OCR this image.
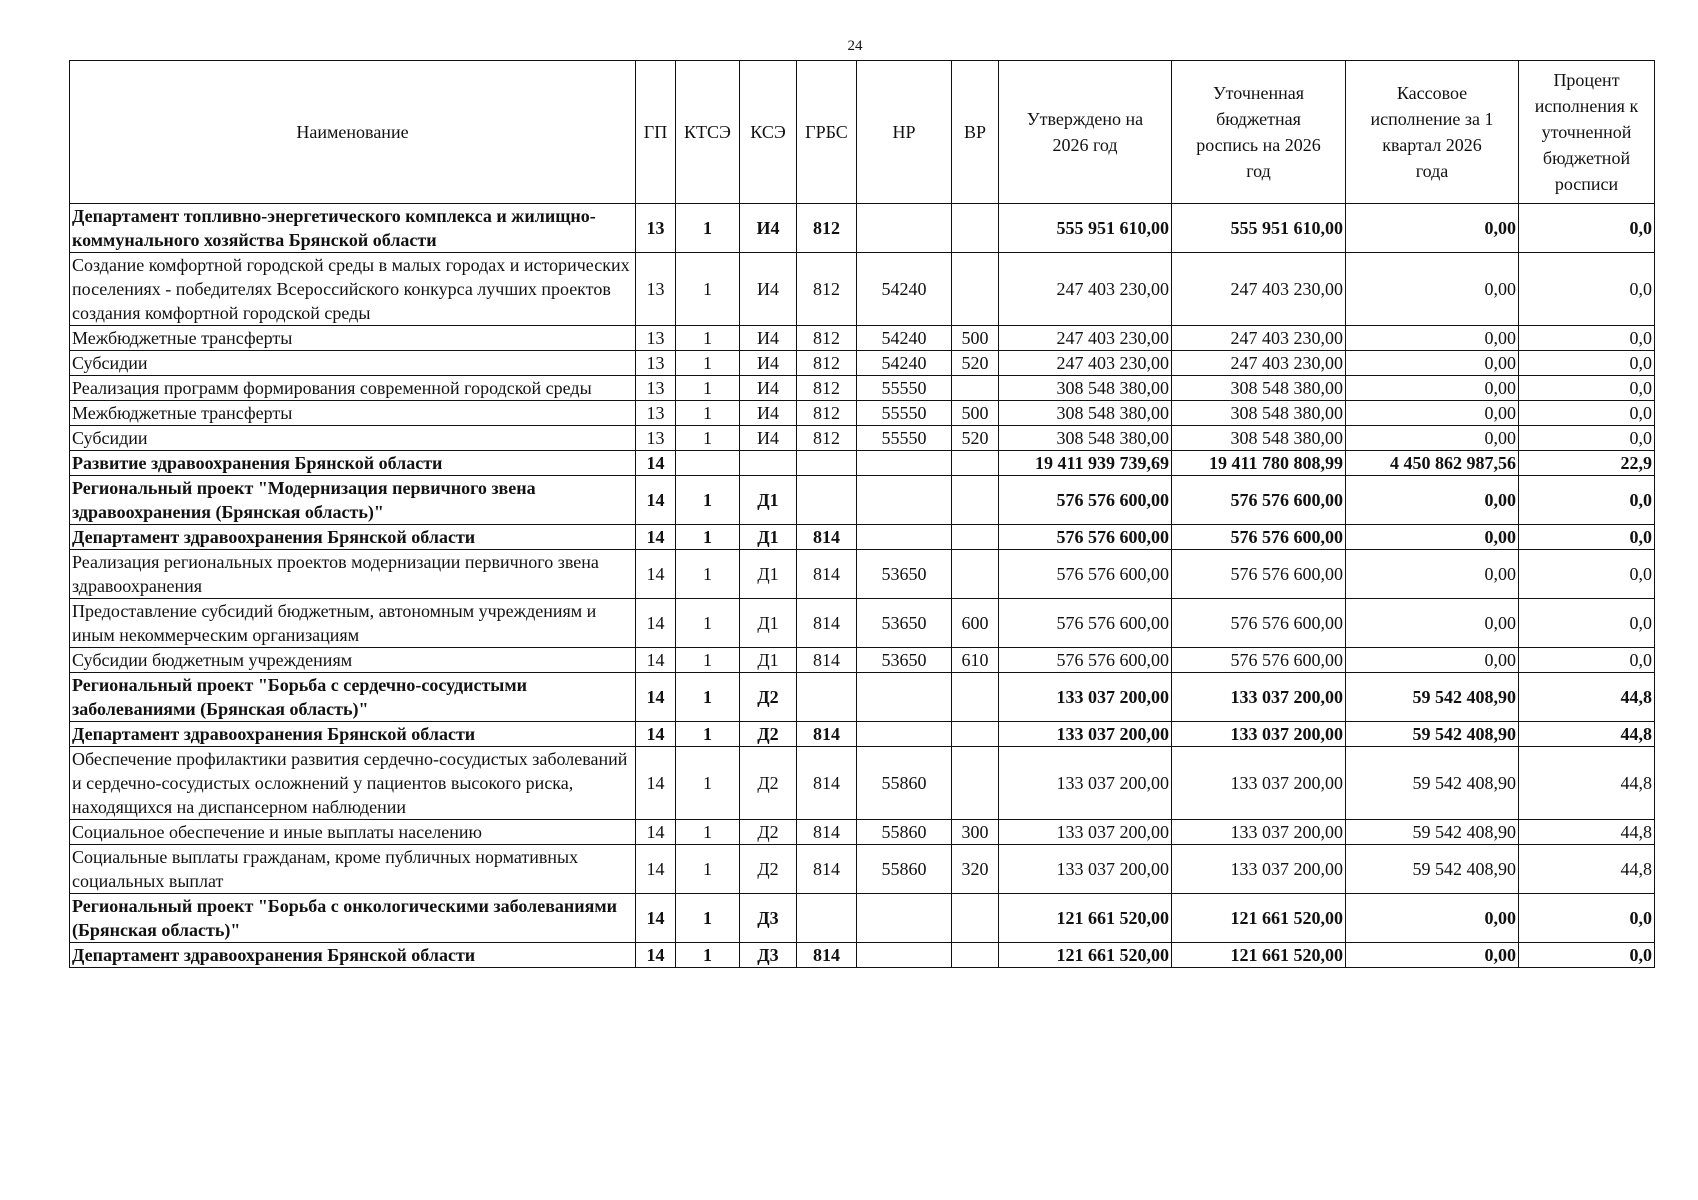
24
Наименование	ГП	КТСЭ	КСЭ	ГРБС	НР	ВР	Утверждено на 2026 год	Уточненная бюджетная роспись на 2026 год	Кассовое исполнение за 1 квартал 2026 года	Процент исполнения к уточненной бюджетной росписи
Департамент топливно-энергетического комплекса и жилищно-коммунального хозяйства Брянской области	13	1	И4	812			555 951 610,00	555 951 610,00	0,00	0,0
Создание комфортной городской среды в малых городах и исторических поселениях - победителях Всероссийского конкурса лучших проектов создания комфортной городской среды	13	1	И4	812	54240		247 403 230,00	247 403 230,00	0,00	0,0
Межбюджетные трансферты	13	1	И4	812	54240	500	247 403 230,00	247 403 230,00	0,00	0,0
Субсидии	13	1	И4	812	54240	520	247 403 230,00	247 403 230,00	0,00	0,0
Реализация программ формирования современной городской среды	13	1	И4	812	55550		308 548 380,00	308 548 380,00	0,00	0,0
Межбюджетные трансферты	13	1	И4	812	55550	500	308 548 380,00	308 548 380,00	0,00	0,0
Субсидии	13	1	И4	812	55550	520	308 548 380,00	308 548 380,00	0,00	0,0
Развитие здравоохранения Брянской области	14						19 411 939 739,69	19 411 780 808,99	4 450 862 987,56	22,9
Региональный проект "Модернизация первичного звена здравоохранения (Брянская область)"	14	1	Д1				576 576 600,00	576 576 600,00	0,00	0,0
Департамент здравоохранения Брянской области	14	1	Д1	814			576 576 600,00	576 576 600,00	0,00	0,0
Реализация региональных проектов модернизации первичного звена здравоохранения	14	1	Д1	814	53650		576 576 600,00	576 576 600,00	0,00	0,0
Предоставление субсидий бюджетным, автономным учреждениям и иным некоммерческим организациям	14	1	Д1	814	53650	600	576 576 600,00	576 576 600,00	0,00	0,0
Субсидии бюджетным учреждениям	14	1	Д1	814	53650	610	576 576 600,00	576 576 600,00	0,00	0,0
Региональный проект "Борьба с сердечно-сосудистыми заболеваниями (Брянская область)"	14	1	Д2				133 037 200,00	133 037 200,00	59 542 408,90	44,8
Департамент здравоохранения Брянской области	14	1	Д2	814			133 037 200,00	133 037 200,00	59 542 408,90	44,8
Обеспечение профилактики развития сердечно-сосудистых заболеваний и сердечно-сосудистых осложнений у пациентов высокого риска, находящихся на диспансерном наблюдении	14	1	Д2	814	55860		133 037 200,00	133 037 200,00	59 542 408,90	44,8
Социальное обеспечение и иные выплаты населению	14	1	Д2	814	55860	300	133 037 200,00	133 037 200,00	59 542 408,90	44,8
Социальные выплаты гражданам, кроме публичных нормативных социальных выплат	14	1	Д2	814	55860	320	133 037 200,00	133 037 200,00	59 542 408,90	44,8
Региональный проект "Борьба с онкологическими заболеваниями (Брянская область)"	14	1	Д3				121 661 520,00	121 661 520,00	0,00	0,0
Департамент здравоохранения Брянской области	14	1	Д3	814			121 661 520,00	121 661 520,00	0,00	0,0
